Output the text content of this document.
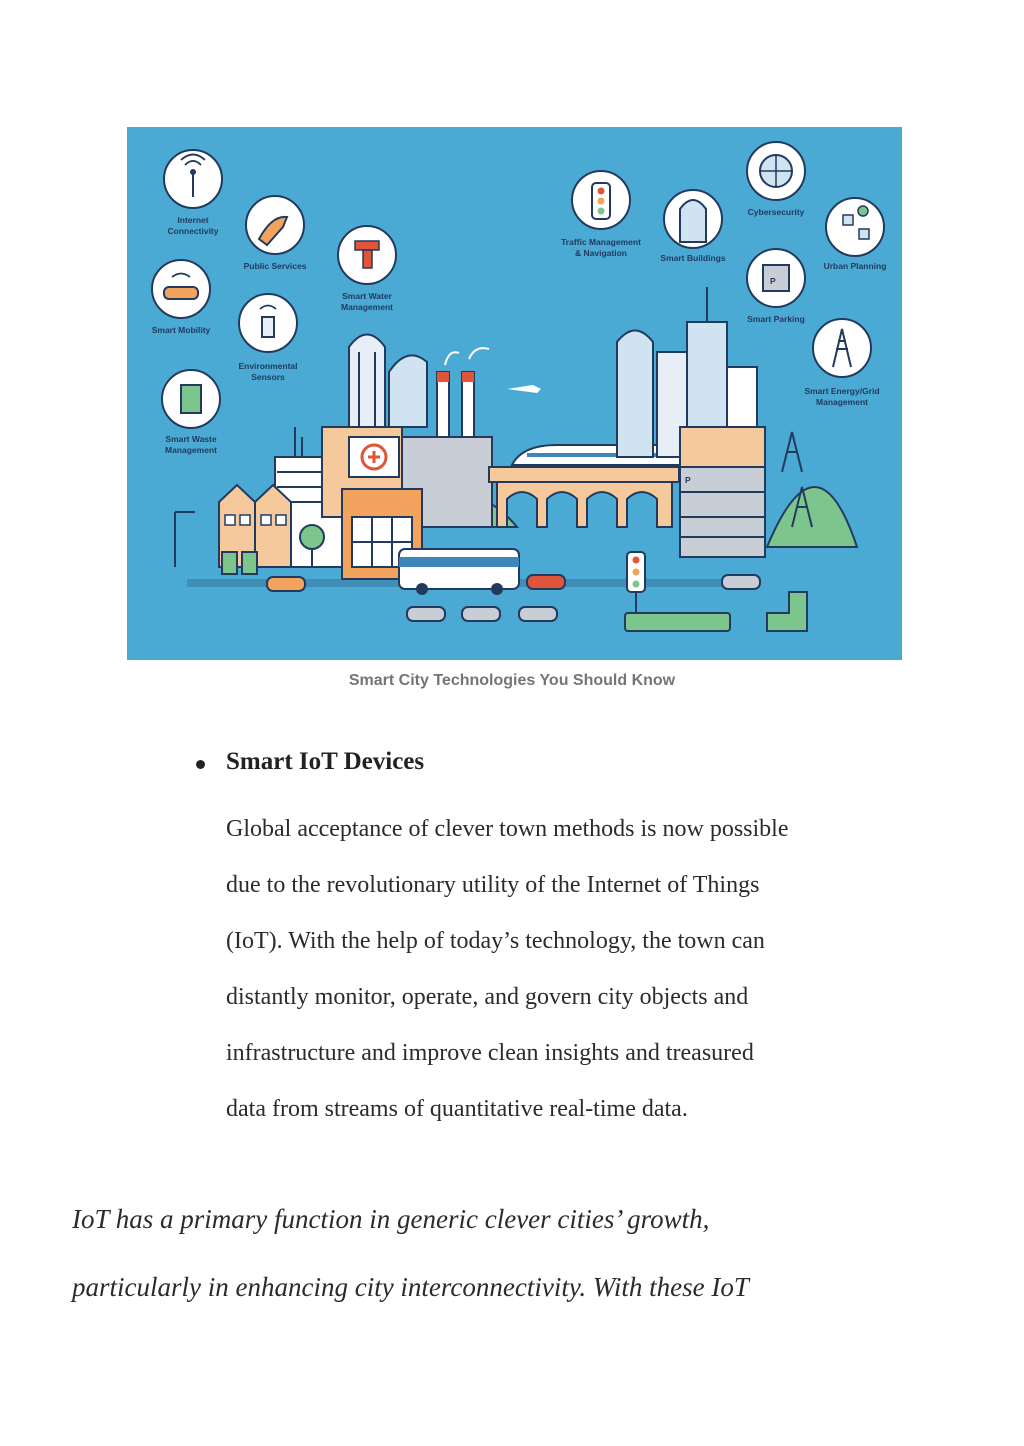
P
Internet
Connectivity
Public Services
Smart Water
Management
Traffic Management
& Navigation	Smart Buildings
Cybersecurity
Urban Planning
Smart Mobility
Environmental
Sensors
P
Smart Parking
Smart Waste
Management
Smart Energy/Grid
Management
Smart City Technologies You Should Know
Smart IoT Devices
Global acceptance of clever town methods is now possible
due to the revolutionary utility of the Internet of Things
(IoT). With the help of today’s technology, the town can
distantly monitor, operate, and govern city objects and
infrastructure and improve clean insights and treasured
data from streams of quantitative real-time data.
IoT has a primary function in generic clever cities’ growth,
particularly in enhancing city interconnectivity. With these IoT
